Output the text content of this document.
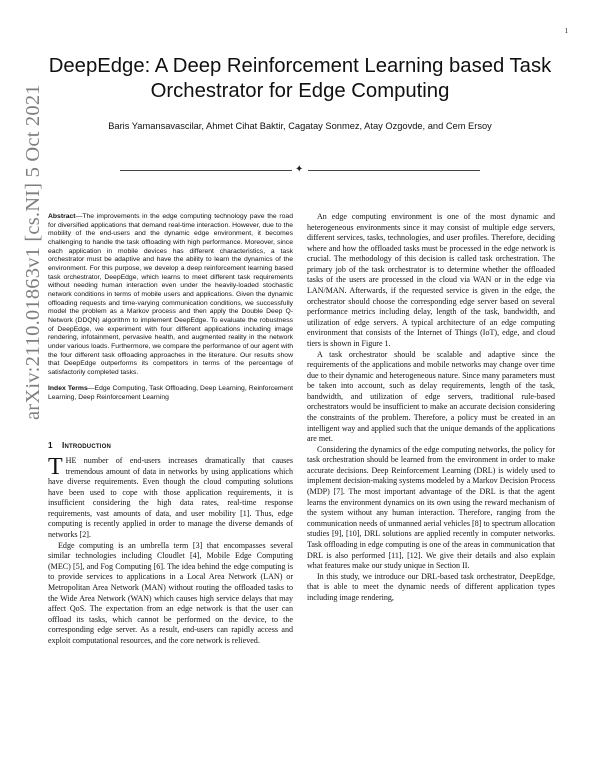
1
arXiv:2110.01863v1 [cs.NI] 5 Oct 2021
DeepEdge: A Deep Reinforcement Learning based Task Orchestrator for Edge Computing
Baris Yamansavascilar, Ahmet Cihat Baktir, Cagatay Sonmez, Atay Ozgovde, and Cem Ersoy
✦

Abstract—The improvements in the edge computing technology pave the road for diversified applications that demand real-time interaction. However, due to the mobility of the end-users and the dynamic edge environment, it becomes challenging to handle the task offloading with high performance. Moreover, since each application in mobile devices has different characteristics, a task orchestrator must be adaptive and have the ability to learn the dynamics of the environment. For this purpose, we develop a deep reinforcement learning based task orchestrator, DeepEdge, which learns to meet different task requirements without needing human interaction even under the heavily-loaded stochastic network conditions in terms of mobile users and applications. Given the dynamic offloading requests and time-varying communication conditions, we successfully model the problem as a Markov process and then apply the Double Deep Q-Network (DDQN) algorithm to implement DeepEdge. To evaluate the robustness of DeepEdge, we experiment with four different applications including image rendering, infotainment, pervasive health, and augmented reality in the network under various loads. Furthermore, we compare the performance of our agent with the four different task offloading approaches in the literature. Our results show that DeepEdge outperforms its competitors in terms of the percentage of satisfactorily completed tasks.

Index Terms—Edge Computing, Task Offloading, Deep Learning, Reinforcement Learning, Deep Reinforcement Learning

1 Introduction

THE number of end-users increases dramatically that causes tremendous amount of data in networks by using applications which have diverse requirements. Even though the cloud computing solutions have been used to cope with those application requirements, it is insufficient considering the high data rates, real-time response requirements, vast amounts of data, and user mobility [1]. Thus, edge computing is recently applied in order to manage the diverse demands of networks [2].

Edge computing is an umbrella term [3] that encompasses several similar technologies including Cloudlet [4], Mobile Edge Computing (MEC) [5], and Fog Computing [6]. The idea behind the edge computing is to provide services to applications in a Local Area Network (LAN) or Metropolitan Area Network (MAN) without routing the offloaded tasks to the Wide Area Network (WAN) which causes high service delays that may affect QoS. The expectation from an edge network is that the user can offload its tasks, which cannot be performed on the device, to the corresponding edge server. As a result, end-users can rapidly access and exploit computational resources, and the core network is relieved.

An edge computing environment is one of the most dynamic and heterogeneous environments since it may consist of multiple edge servers, different services, tasks, technologies, and user profiles. Therefore, deciding where and how the offloaded tasks must be processed in the edge network is crucial. The methodology of this decision is called task orchestration. The primary job of the task orchestrator is to determine whether the offloaded tasks of the users are processed in the cloud via WAN or in the edge via LAN/MAN. Afterwards, if the requested service is given in the edge, the orchestrator should choose the corresponding edge server based on several performance metrics including delay, length of the task, bandwidth, and utilization of edge servers. A typical architecture of an edge computing environment that consists of the Internet of Things (IoT), edge, and cloud tiers is shown in Figure 1.

A task orchestrator should be scalable and adaptive since the requirements of the applications and mobile networks may change over time due to their dynamic and heterogeneous nature. Since many parameters must be taken into account, such as delay requirements, length of the task, bandwidth, and utilization of edge servers, traditional rule-based orchestrators would be insufficient to make an accurate decision considering the constraints of the problem. Therefore, a policy must be created in an intelligent way and applied such that the unique demands of the applications are met.

Considering the dynamics of the edge computing networks, the policy for task orchestration should be learned from the environment in order to make accurate decisions. Deep Reinforcement Learning (DRL) is widely used to implement decision-making systems modeled by a Markov Decision Process (MDP) [7]. The most important advantage of the DRL is that the agent learns the environment dynamics on its own using the reward mechanism of the system without any human interaction. Therefore, ranging from the communication needs of unmanned aerial vehicles [8] to spectrum allocation studies [9], [10], DRL solutions are applied recently in computer networks. Task offloading in edge computing is one of the areas in communication that DRL is also performed [11], [12]. We give their details and also explain what features make our study unique in Section II.

In this study, we introduce our DRL-based task orchestrator, DeepEdge, that is able to meet the dynamic needs of different application types including image rendering,
